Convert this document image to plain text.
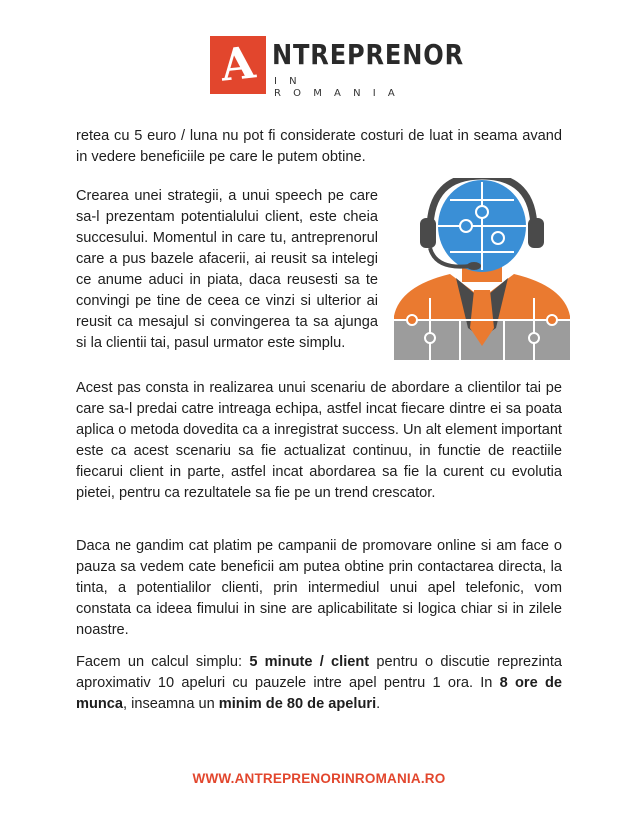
A NTREPRENOR
IN ROMANIA

retea cu 5 euro / luna nu pot fi considerate costuri de luat in seama avand in vedere beneficiile pe care le putem obtine.

Crearea unei strategii, a unui speech pe care sa-l prezentam potentialului client, este cheia succesului. Momentul in care tu, antreprenorul care a pus bazele afacerii, ai reusit sa intelegi ce anume aduci in piata, daca reusesti sa te convingi pe tine de ceea ce vinzi si ulterior ai reusit ca mesajul si convingerea ta sa ajunga si la clientii tai, pasul urmator este simplu.

Acest pas consta in realizarea unui scenariu de abordare a clientilor tai pe care sa-l predai catre intreaga echipa, astfel incat fiecare dintre ei sa poata aplica o metoda dovedita ca a inregistrat success. Un alt element important este ca acest scenariu sa fie actualizat continuu, in functie de reactiile fiecarui client in parte, astfel incat abordarea sa fie la curent cu evolutia pietei, pentru ca rezultatele sa fie pe un trend crescator.

Daca ne gandim cat platim pe campanii de promovare online si am face o pauza sa vedem cate beneficii am putea obtine prin contactarea directa, la tinta, a potentialilor clienti, prin intermediul unui apel telefonic, vom constata ca ideea fimului in sine are aplicabilitate si logica chiar si in zilele noastre.

Facem un calcul simplu: 5 minute / client pentru o discutie reprezinta aproximativ 10 apeluri cu pauzele intre apel pentru 1 ora. In 8 ore de munca, inseamna un minim de 80 de apeluri.

WWW.ANTREPRENORINROMANIA.RO
